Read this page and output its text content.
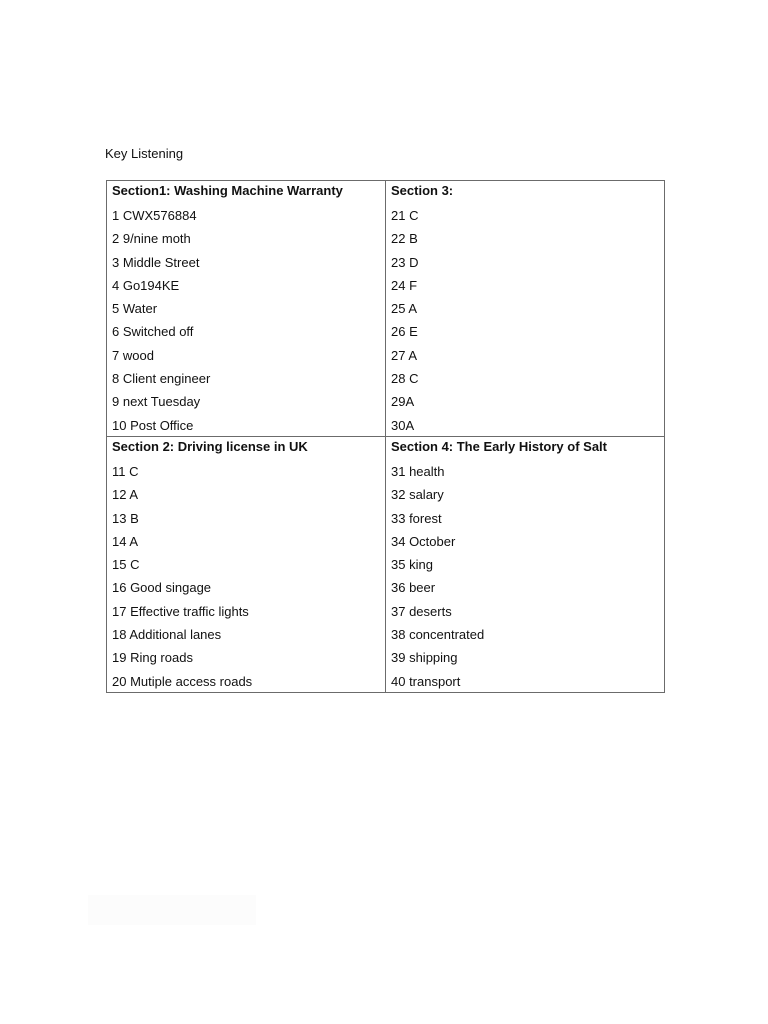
Key Listening
Section1: Washing Machine Warranty
1 CWX576884
2 9/nine moth
3 Middle Street
4 Go194KE
5 Water
6 Switched off
7 wood
8 Client engineer
9 next Tuesday
10 Post Office
Section 3:
21 C
22 B
23 D
24 F
25 A
26 E
27 A
28 C
29A
30A
Section 2: Driving license in UK
11 C
12 A
13 B
14 A
15 C
16 Good singage
17 Effective traffic lights
18 Additional lanes
19 Ring roads
20 Mutiple access roads
Section 4: The Early History of Salt
31 health
32 salary
33 forest
34 October
35 king
36 beer
37 deserts
38 concentrated
39 shipping
40 transport
